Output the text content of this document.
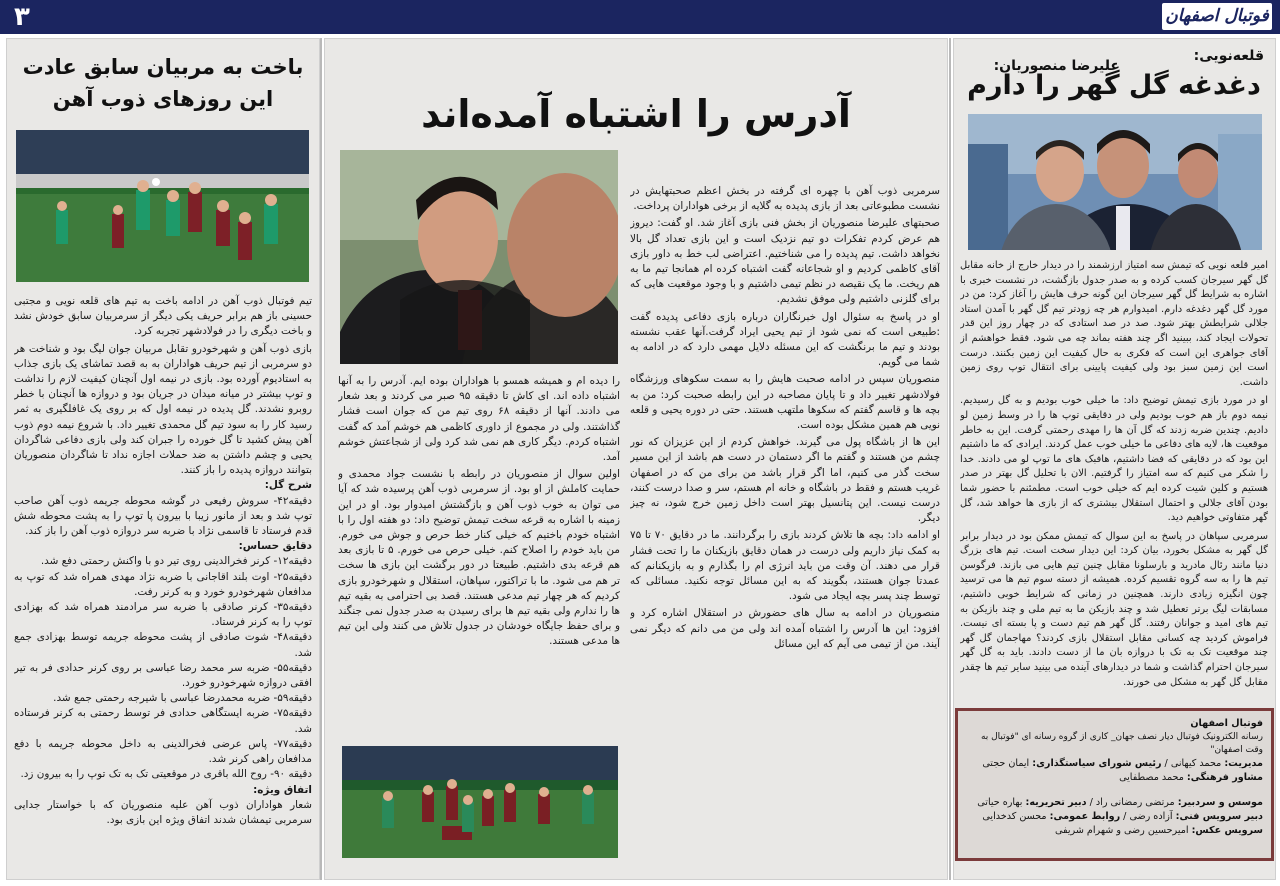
۳	فوتبال اصفهان
قلعه‌نویی:
دغدغه گل گهر را دارم

امیر قلعه نویی که تیمش سه امتیاز ارزشمند را در دیدار خارج از خانه مقابل گل گهر سیرجان کسب کرده و به صدر جدول بازگشت، در نشست خبری با اشاره به شرایط گل گهر سیرجان این گونه حرف هایش را آغاز کرد: من در مورد گل گهر دغدغه دارم. امیدوارم هر چه زودتر تیم گل گهر با آمدن استاد جلالی شرایطش بهتر شود. صد در صد استادی که در چهار روز این قدر تحولات ایجاد کند، ببینید اگر چند هفته بماند چه می شود. فقط خواهشم از آقای جواهری این است که فکری به حال کیفیت این زمین بکنند. درست است این زمین سبز بود ولی کیفیت پایینی برای انتقال توپ روی زمین داشت.

او در مورد بازی تیمش توضیح داد: ما خیلی خوب بودیم و به گل رسیدیم. نیمه دوم باز هم خوب بودیم ولی در دقایقی توپ ها را در وسط زمین لو دادیم. چندین ضربه زدند که گل آن ها را مهدی رحمتی گرفت. این به خاطر موقعیت ها، لایه های دفاعی ما خیلی خوب عمل کردند. ایرادی که ما داشتیم این بود که در دقایقی که فضا داشتیم، هافبک های ما توپ لو می دادند. خدا را شکر می کنیم که سه امتیاز را گرفتیم. الان با تحلیل گل بهتر در صدر هستیم و کلین شیت کرده ایم که خیلی خوب است. مطمئنم با حضور شما بودن آقای جلالی و احتمال استقلال بیشتری که از بازی ها خواهد شد، گل گهر متفاوتی خواهیم دید.

سرمربی سپاهان در پاسخ به این سوال که تیمش ممکن بود در دیدار برابر گل گهر به مشکل بخورد، بیان کرد: این دیدار سخت است. تیم های بزرگ دنیا مانند رئال مادرید و بارسلونا مقابل چنین تیم هایی می بازند. فرگوسن تیم ها را به سه گروه تقسیم کرده. همیشه از دسته سوم تیم ها می ترسید چون انگیزه زیادی دارند. همچنین در زمانی که شرایط خوبی داشتیم، مسابقات لیگ برتر تعطیل شد و چند بازیکن ما به تیم ملی و چند بازیکن به تیم های امید و جوانان رفتند. گل گهر هم تیم دست و پا بسته ای نیست. فراموش کردید چه کسانی مقابل استقلال بازی کردند؟ مهاجمان گل گهر چند موقعیت تک به تک با دروازه بان ما از دست دادند. باید به گل گهر سیرجان احترام گذاشت و شما در دیدارهای آینده می بینید سایر تیم ها چقدر مقابل گل گهر به مشکل می خورند.

فوتبال اصفهان
رسانه الکترونیک فوتبال دیار نصف جهان_ کاری از گروه رسانه ای "فوتبال به وقت اصفهان"
مدیریت: محمد کیهانی / رئیس شورای سیاستگذاری: ایمان حجتی
مشاور فرهنگی: محمد مصطفایی
موسس و سردبیر: مرتضی رمضانی راد / دبیر تحریریه: بهاره حیاتی
دبیر سرویس فنی: آزاده رضی / روابط عمومی: محسن کدخدایی
سرویس عکس: امیرحسین رضی و شهرام شریفی
علیرضا منصوریان:
آدرس را اشتباه آمده‌اند

سرمربی ذوب آهن با چهره ای گرفته در بخش اعظم صحبتهایش در نشست مطبوعاتی بعد از بازی پدیده به گلایه از برخی هواداران پرداخت.

صحبتهای علیرضا منصوریان از بخش فنی بازی آغاز شد. او گفت: دیروز هم عرض کردم تفکرات دو تیم نزدیک است و این بازی تعداد گل بالا نخواهد داشت. تیم پدیده را می شناختیم. اعتراضی لب خط به داور بازی آقای کاظمی کردیم و او شجاعانه گفت اشتباه کرده ام همانجا تیم ما به هم ریخت. ما یک نقیصه در نظم تیمی داشتیم و با وجود موقعیت هایی که برای گلزنی داشتیم ولی موفق نشدیم.

او در پاسخ به سئوال اول خبرنگاران درباره بازی دفاعی پدیده گفت :طبیعی است که نمی شود از تیم یحیی ایراد گرفت.آنها عقب نشسته بودند و تیم ما برنگشت که این مسئله دلایل مهمی دارد که در ادامه به شما می گویم.

منصوریان سپس در ادامه صحبت هایش را به سمت سکوهای ورزشگاه فولادشهر تغییر داد و تا پایان مصاحبه در این رابطه صحبت کرد: من به بچه ها و قاسم گفتم که سکوها ملتهب هستند. حتی در دوره یحیی و قلعه نویی هم همین مشکل بوده است.

این ها از باشگاه پول می گیرند. خواهش کردم از این عزیزان که نور چشم من هستند و گفتم ما اگر دستمان در دست هم باشد از این مسیر سخت گذر می کنیم، اما اگر قرار باشد من برای من که در اصفهان غریب هستم و فقط در باشگاه و خانه ام هستم، سر و صدا درست کنند، درست نیست. این پتانسیل بهتر است داخل زمین خرج شود، نه چیز دیگر.

او ادامه داد: بچه ها تلاش کردند بازی را برگردانند. ما در دقایق ۷۰ تا ۷۵ به کمک نیاز داریم ولی درست در همان دقایق بازیکنان ما را تحت فشار قرار می دهند. آن وقت من باید انرژی ام را بگذارم و به بازیکنانم که عمدتا جوان هستند، بگویند که به این مسائل توجه نکنید. مسائلی که توسط چند پسر بچه ایجاد می شود.

منصوریان در ادامه به سال های حضورش در استقلال اشاره کرد و افزود: این ها آدرس را اشتباه آمده اند ولی من می دانم که دیگر نمی آیند. من از تیمی می آیم که این مسائل

را دیده ام و همیشه همسو با هواداران بوده ایم. آدرس را به آنها اشتباه داده اند. ای کاش تا دقیقه ۹۵ صبر می کردند و بعد شعار می دادند. آنها از دقیقه ۶۸ روی تیم من که جوان است فشار گذاشتند. ولی در مجموع از داوری کاظمی هم خوشم آمد که گفت اشتباه کردم. دیگر کاری هم نمی شد کرد ولی از شجاعتش خوشم آمد.

اولین سوال از منصوریان در رابطه با نشست جواد محمدی و حمایت کاملش از او بود. از سرمربی ذوب آهن پرسیده شد که آیا می توان به خوب ذوب آهن و بازگشتش امیدوار بود. او در این زمینه با اشاره به قرعه سخت تیمش توضیح داد: دو هفته اول را با اشتباه خودم باختیم که خیلی کنار خط حرص و جوش می خورم. من باید خودم را اصلاح کنم. خیلی حرص می خورم. ۵ تا بازی بعد هم قرعه بدی داشتیم. طبیعتا در دور برگشت این بازی ها سخت تر هم می شود. ما با تراکتور، سپاهان، استقلال و شهرخودرو بازی کردیم که هر چهار تیم مدعی هستند. قصد بی احترامی به بقیه تیم ها را ندارم ولی بقیه تیم ها برای رسیدن به صدر جدول نمی جنگند و برای حفظ جایگاه خودشان در جدول تلاش می کنند ولی این تیم ها مدعی هستند.

باخت به مربیان سابق عادت
این روزهای ذوب آهن

تیم فوتبال ذوب آهن در ادامه باخت به تیم های قلعه نویی و مجتبی حسینی باز هم برابر حریف یکی دیگر از سرمربیان سابق خودش نشد و باخت دیگری را در فولادشهر تجربه کرد.

بازی ذوب آهن و شهرخودرو تقابل مربیان جوان لیگ بود و شناخت هر دو سرمربی از تیم حریف هواداران به به قصد تماشای یک بازی جذاب به استادیوم آورده بود. بازی در نیمه اول آنچنان کیفیت لازم را نداشت و توپ بیشتر در میانه میدان در جریان بود و دروازه ها آنچنان با خطر روبرو نشدند. گل پدیده در نیمه اول که بر روی یک غافلگیری به ثمر رسید کار را به سود تیم گل محمدی تغییر داد. با شروع نیمه دوم ذوب آهن پیش کشید تا گل خورده را جبران کند ولی بازی دفاعی شاگردان یحیی و چشم داشتن به ضد حملات اجازه نداد تا شاگردان منصوریان بتوانند دروازه پدیده را باز کنند.

شرح گل:

دقیقه۴۲- سروش رفیعی در گوشه محوطه جریمه ذوب آهن صاحب توپ شد و بعد از مانور زیبا با بیرون پا توپ را به پشت محوطه شش قدم فرستاد تا قاسمی نژاد با ضربه سر دروازه ذوب آهن را باز کند.

دقایق حساس:

دقیقه۱۲- کرنر فخرالدینی روی تیر دو با واکنش رحمتی دفع شد.

دقیقه۲۵- اوت بلند اقاجانی با ضربه نژاد مهدی همراه شد که توپ به مدافعان شهرخودرو خورد و به کرنر رفت.

دقیقه۳۵- کرنر صادقی با ضربه سر مرادمند همراه شد که بهزادی توپ را به کرنر فرستاد.

دقیقه۴۸- شوت صادقی از پشت محوطه جریمه توسط بهزادی جمع شد.

دقیقه۵۵- ضربه سر محمد رضا عباسی بر روی کرنر حدادی فر به تیر افقی دروازه شهرخودرو خورد.

دقیقه۵۹- ضربه محمدرضا عباسی با شیرجه رحمتی جمع شد.

دقیقه۷۵- ضربه ایستگاهی حدادی فر توسط رحمتی به کرنر فرستاده شد.

دقیقه۷۷- پاس عرضی فخرالدینی به داخل محوطه جریمه با دفع مدافعان راهی کرنر شد.

دقیقه ۹۰- روح الله باقری در موقعیتی تک به تک توپ را به بیرون زد.

اتفاق ویژه:

شعار هواداران ذوب آهن علیه منصوریان که با خواستار جدایی سرمربی تیمشان شدند اتفاق ویژه این بازی بود.
